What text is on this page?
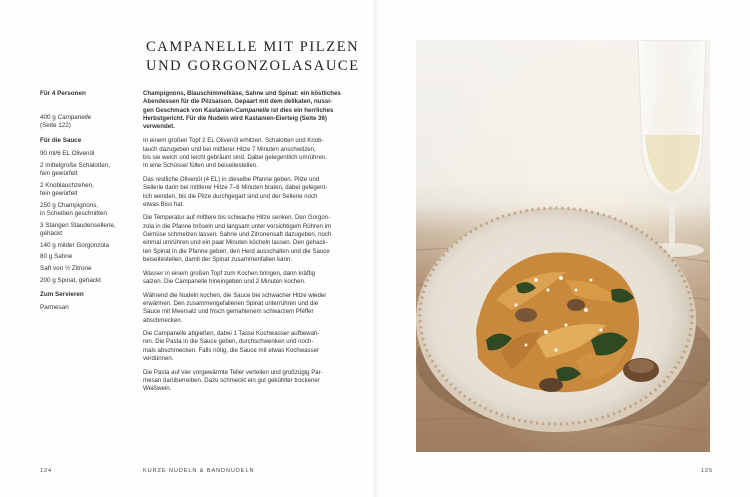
CAMPANELLE MIT PILZEN
UND GORGONZOLASAUCE
Für 4 Personen
400 g Campanelle
(Seite 122)
Für die Sauce
90 ml/6 EL Olivenöl
2 mittelgroße Schalotten,
fein gewürfelt
2 Knoblauchzehen,
fein gewürfelt
250 g Champignons,
in Scheiben geschnitten
3 Stangen Staudensellerie,
gehackt
140 g milder Gorgonzola
80 g Sahne
Saft von ½ Zitrone
200 g Spinat, gehackt
Zum Servieren
Parmesan

Champignons, Blauschimmelkäse, Sahne und Spinat: ein köstliches
Abendessen für die Pilzsaison. Gepaart mit dem delikaten, nussi-
gen Geschmack von Kastanien-Campanelle ist dies ein herrliches
Herbstgericht. Für die Nudeln wird Kastanien-Eierteig (Seite 36)
verwendet.

In einem großen Topf 2 EL Olivenöl erhitzen. Schalotten und Knob-
lauch dazugeben und bei mittlerer Hitze 7 Minuten anschwitzen,
bis sie weich und leicht gebräunt sind. Dabei gelegentlich umrühren.
In eine Schüssel füllen und beiseitestellen.

Das restliche Olivenöl (4 EL) in dieselbe Pfanne geben. Pilze und
Sellerie darin bei mittlerer Hitze 7–8 Minuten braten, dabei gelegent-
lich wenden, bis die Pilze durchgegart sind und der Sellerie noch
etwas Biss hat.

Die Temperatur auf mittlere bis schwache Hitze senken. Den Gorgon-
zola in die Pfanne bröseln und langsam unter vorsichtigem Rühren im
Gemüse schmelzen lassen. Sahne und Zitronensaft dazugeben, noch
einmal umrühren und ein paar Minuten köcheln lassen. Den gehack-
ten Spinat in die Pfanne geben, den Herd ausschalten und die Sauce
beiseitestellen, damit der Spinat zusammenfallen kann.

Wasser in einem großen Topf zum Kochen bringen, dann kräftig
salzen. Die Campanelle hineingeben und 2 Minuten kochen.

Während die Nudeln kochen, die Sauce bei schwacher Hitze wieder
erwärmen. Den zusammengefallenen Spinat unterrühren und die
Sauce mit Meersalz und frisch gemahlenem schwarzem Pfeffer
abschmecken.

Die Campanelle abgießen, dabei 1 Tasse Kochwasser aufbewah-
ren. Die Pasta in die Sauce geben, durchschwenken und noch-
mals abschmecken. Falls nötig, die Sauce mit etwas Kochwasser
verdünnen.

Die Pasta auf vier vorgewärmte Teller verteilen und großzügig Par-
mesan darüberreiben. Dazu schmeckt ein gut gekühlter trockener
Weißwein.

124	KURZE NUDELN & BANDNUDELN	125
